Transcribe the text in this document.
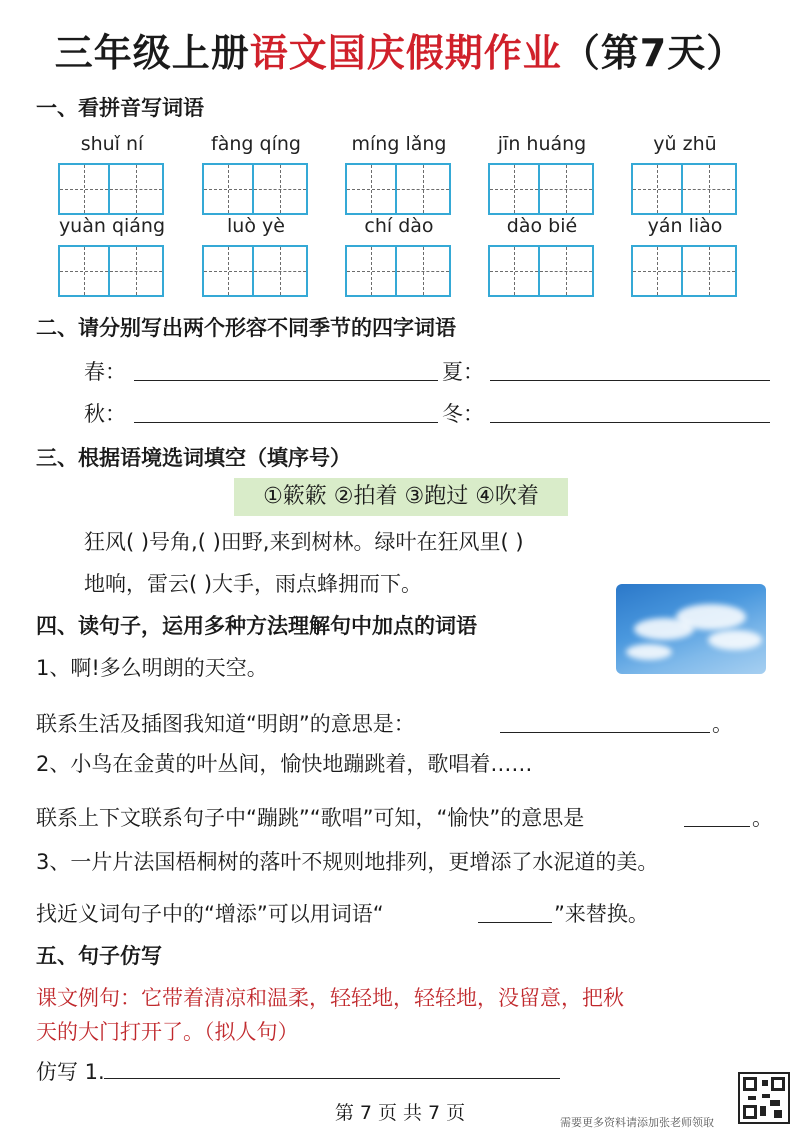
三年级上册语文国庆假期作业（第7天）
一、看拼音写词语
shuǐ ní	fàng qíng	míng lǎng	jīn huáng	yǔ zhū
yuàn qiáng	luò yè	chí dào	dào bié	yán liào
二、请分别写出两个形容不同季节的四字词语
春：	夏：
秋：	冬：
三、根据语境选词填空（填序号）
①簌簌 ②拍着 ③跑过 ④吹着
狂风( )号角,( )田野,来到树林。绿叶在狂风里( )
地响，雷云( )大手，雨点蜂拥而下。
四、读句子，运用多种方法理解句中加点的词语
1、啊!多么明朗的天空。
联系生活及插图我知道“明朗”的意思是：	。
2、小鸟在金黄的叶丛间，愉快地蹦跳着，歌唱着……
联系上下文联系句子中“蹦跳”“歌唱”可知，“愉快”的意思是	。
3、一片片法国梧桐树的落叶不规则地排列，更增添了水泥道的美。
找近义词句子中的“增添”可以用词语“	”来替换。
五、句子仿写
课文例句：它带着清凉和温柔，轻轻地，轻轻地，没留意，把秋
天的大门打开了。（拟人句）
仿写 1.
第 7 页 共 7 页	需要更多资料请添加张老师领取
